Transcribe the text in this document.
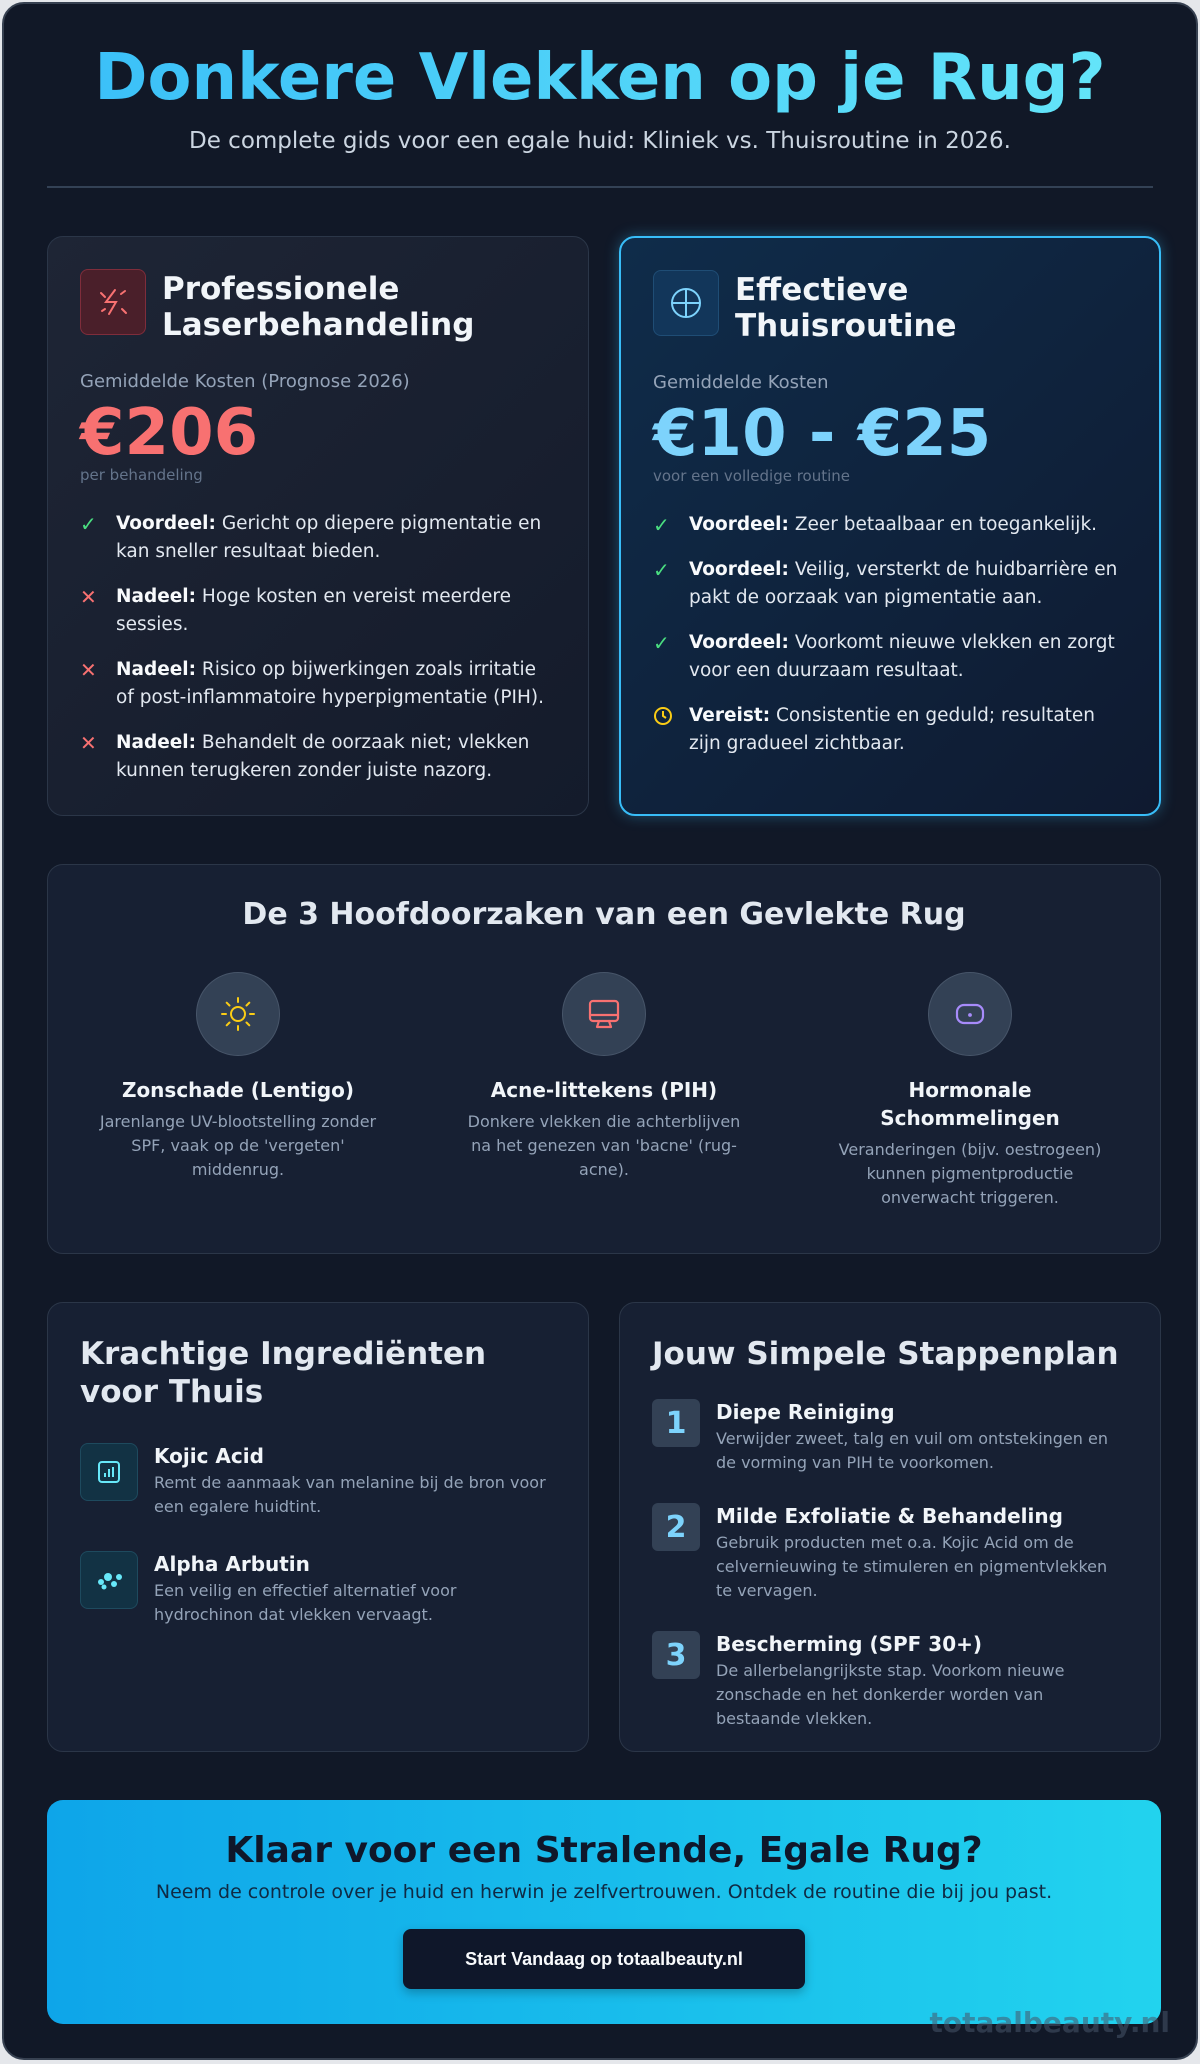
Donkere Vlekken op je Rug?

De complete gids voor een egale huid: Kliniek vs. Thuisroutine in 2026.

Professionele Laserbehandeling

Gemiddelde Kosten (Prognose 2026)

€206

per behandeling

✓	Voordeel: Gericht op diepere pigmentatie en kan sneller resultaat bieden.
✕	Nadeel: Hoge kosten en vereist meerdere sessies.
✕	Nadeel: Risico op bijwerkingen zoals irritatie of post-inflammatoire hyperpigmentatie (PIH).
✕	Nadeel: Behandelt de oorzaak niet; vlekken kunnen terugkeren zonder juiste nazorg.
Effectieve Thuisroutine

Gemiddelde Kosten

€10 - €25

voor een volledige routine

✓	Voordeel: Zeer betaalbaar en toegankelijk.
✓	Voordeel: Veilig, versterkt de huidbarrière en pakt de oorzaak van pigmentatie aan.
✓	Voordeel: Voorkomt nieuwe vlekken en zorgt voor een duurzaam resultaat.
Vereist: Consistentie en geduld; resultaten zijn gradueel zichtbaar.
De 3 Hoofdoorzaken van een Gevlekte Rug

Zonschade (Lentigo)

Jarenlange UV-blootstelling zonder SPF, vaak op de 'vergeten' middenrug.

Acne-littekens (PIH)

Donkere vlekken die achterblijven na het genezen van 'bacne' (rug-acne).

Hormonale Schommelingen

Veranderingen (bijv. oestrogeen) kunnen pigmentproductie onverwacht triggeren.

Krachtige Ingrediënten voor Thuis

Kojic Acid

Remt de aanmaak van melanine bij de bron voor een egalere huidtint.

Alpha Arbutin

Een veilig en effectief alternatief voor hydrochinon dat vlekken vervaagt.

Jouw Simpele Stappenplan
1	Diepe Reiniging

Verwijder zweet, talg en vuil om ontstekingen en de vorming van PIH te voorkomen.

2	Milde Exfoliatie & Behandeling

Gebruik producten met o.a. Kojic Acid om de celvernieuwing te stimuleren en pigmentvlekken te vervagen.

3	Bescherming (SPF 30+)

De allerbelangrijkste stap. Voorkom nieuwe zonschade en het donkerder worden van bestaande vlekken.

Klaar voor een Stralende, Egale Rug?

Neem de controle over je huid en herwin je zelfvertrouwen. Ontdek de routine die bij jou past.

Start Vandaag op totaalbeauty.nl
totaalbeauty.nl
